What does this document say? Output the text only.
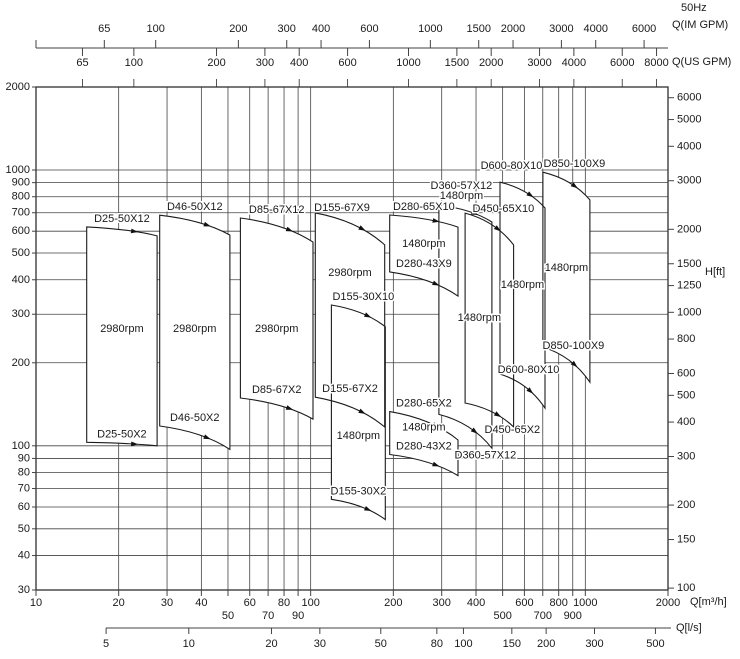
65	100	200	300 400	600	1000 1500 2000 3000 4000 6000
65	100	200	300 400	600	1000 1500 2000 3000 4000 6000 8000
50Hz
Q(IM GPM)
Q(US GPM)
2000
1000
900
800
700
600
500
400
300
200
100
90
80
70
60
50
40
30
6000
5000
4000
3000
2000
1500
1250
1000
800
600
500
400
300
200
150
100
H[ft]
D25-50X12
2980rpm
D25-50X2
D46-50X12
2980rpm
D46-50X2
D85-67X12
2980rpm
D85-67X2
D155-67X9
2980rpm
D155-67X2
D155-30X10
1480rpm
D155-30X2
D280-65X10
1480rpm
D280-43X9
D280-65X2
1480rpm
D280-43X2
D360-57X12
1480rpm
D360-57X12
D450-65X10
1480rpm
D450-65X2
D600-80X10
1480rpm
D600-80X10
D850-100X9
1480rpm
D850-100X9
10	20	30 40	60 80 100	200	300 400	600 800 1000	2000
50	70 90	500 700 900
Q[m³/h]
5	10	20	30	50	80 100	150 200	300	500
Q[l/s]
